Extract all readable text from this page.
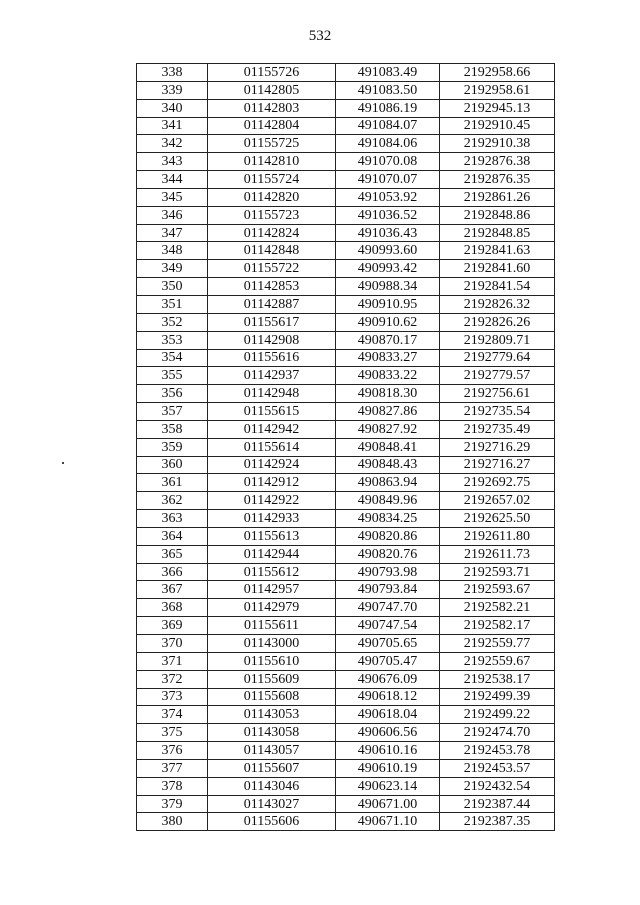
532
338	01155726	491083.49	2192958.66
339	01142805	491083.50	2192958.61
340	01142803	491086.19	2192945.13
341	01142804	491084.07	2192910.45
342	01155725	491084.06	2192910.38
343	01142810	491070.08	2192876.38
344	01155724	491070.07	2192876.35
345	01142820	491053.92	2192861.26
346	01155723	491036.52	2192848.86
347	01142824	491036.43	2192848.85
348	01142848	490993.60	2192841.63
349	01155722	490993.42	2192841.60
350	01142853	490988.34	2192841.54
351	01142887	490910.95	2192826.32
352	01155617	490910.62	2192826.26
353	01142908	490870.17	2192809.71
354	01155616	490833.27	2192779.64
355	01142937	490833.22	2192779.57
356	01142948	490818.30	2192756.61
357	01155615	490827.86	2192735.54
358	01142942	490827.92	2192735.49
359	01155614	490848.41	2192716.29
360	01142924	490848.43	2192716.27
361	01142912	490863.94	2192692.75
362	01142922	490849.96	2192657.02
363	01142933	490834.25	2192625.50
364	01155613	490820.86	2192611.80
365	01142944	490820.76	2192611.73
366	01155612	490793.98	2192593.71
367	01142957	490793.84	2192593.67
368	01142979	490747.70	2192582.21
369	01155611	490747.54	2192582.17
370	01143000	490705.65	2192559.77
371	01155610	490705.47	2192559.67
372	01155609	490676.09	2192538.17
373	01155608	490618.12	2192499.39
374	01143053	490618.04	2192499.22
375	01143058	490606.56	2192474.70
376	01143057	490610.16	2192453.78
377	01155607	490610.19	2192453.57
378	01143046	490623.14	2192432.54
379	01143027	490671.00	2192387.44
380	01155606	490671.10	2192387.35
